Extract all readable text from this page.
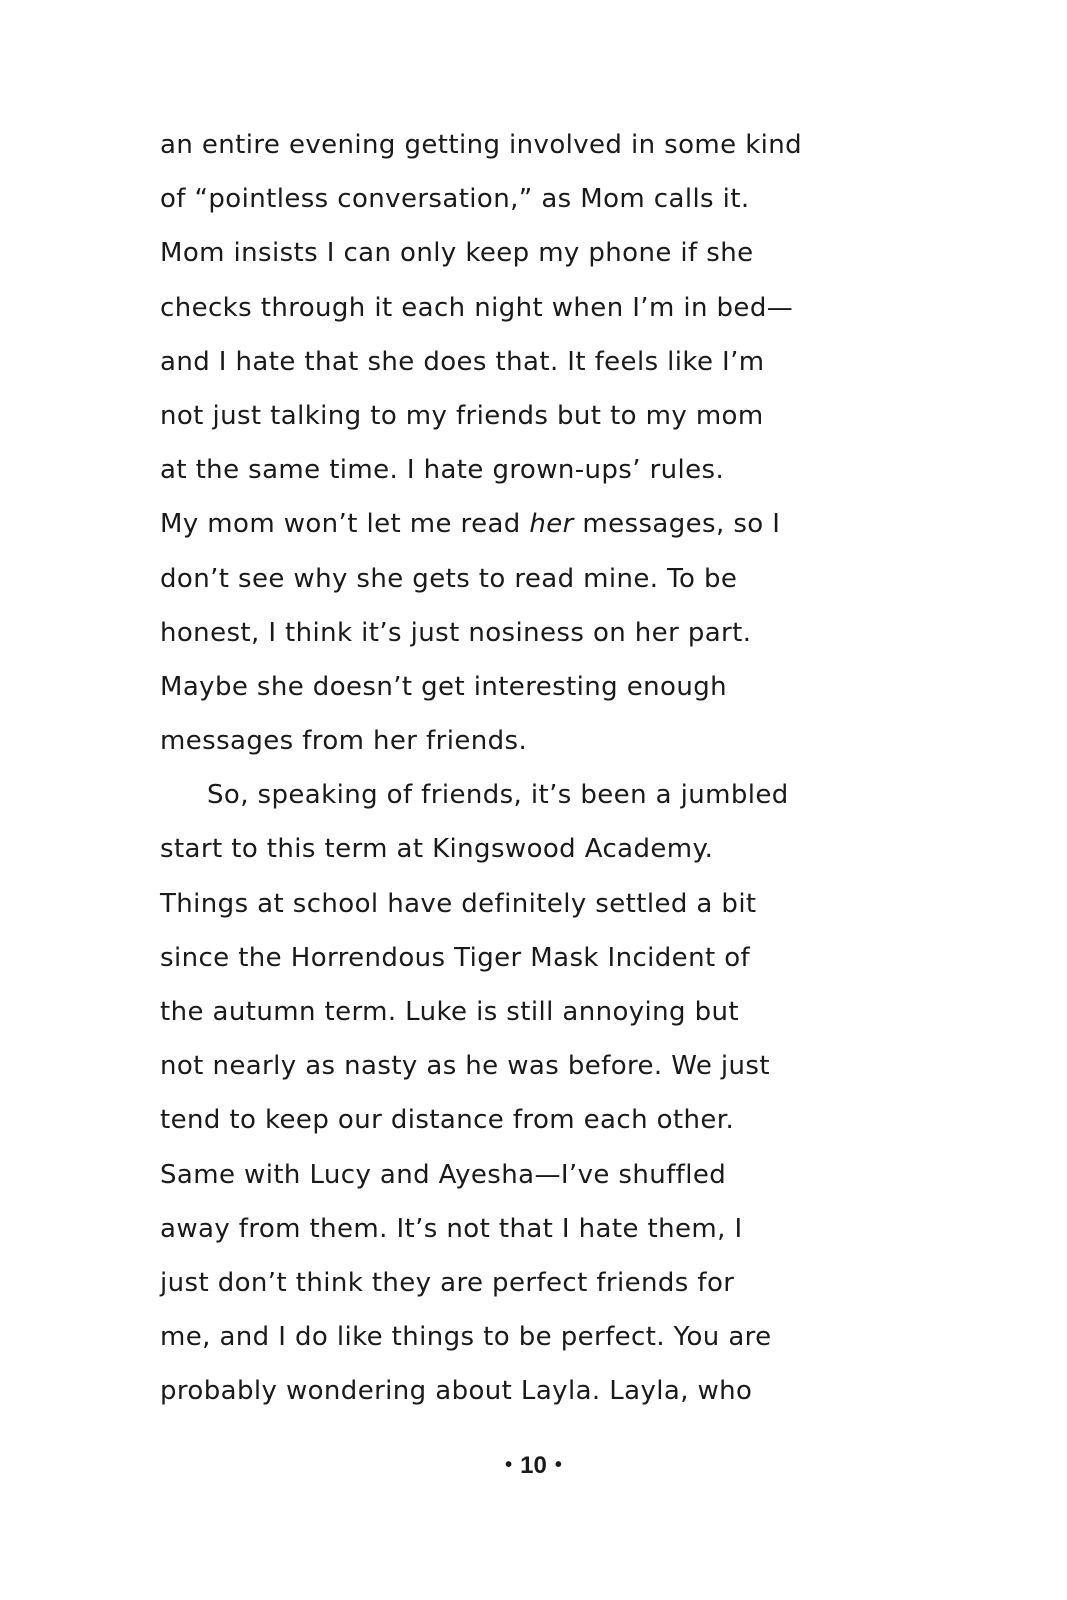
an entire evening getting involved in some kind
of “pointless conversation,” as Mom calls it.
Mom insists I can only keep my phone if she
checks through it each night when I’m in bed—
and I hate that she does that. It feels like I’m
not just talking to my friends but to my mom
at the same time. I hate grown-ups’ rules.
My mom won’t let me read her messages, so I
don’t see why she gets to read mine. To be
honest, I think it’s just nosiness on her part.
Maybe she doesn’t get interesting enough
messages from her friends.
So, speaking of friends, it’s been a jumbled
start to this term at Kingswood Academy.
Things at school have definitely settled a bit
since the Horrendous Tiger Mask Incident of
the autumn term. Luke is still annoying but
not nearly as nasty as he was before. We just
tend to keep our distance from each other.
Same with Lucy and Ayesha—I’ve shuffled
away from them. It’s not that I hate them, I
just don’t think they are perfect friends for
me, and I do like things to be perfect. You are
probably wondering about Layla. Layla, who
• 10 •
